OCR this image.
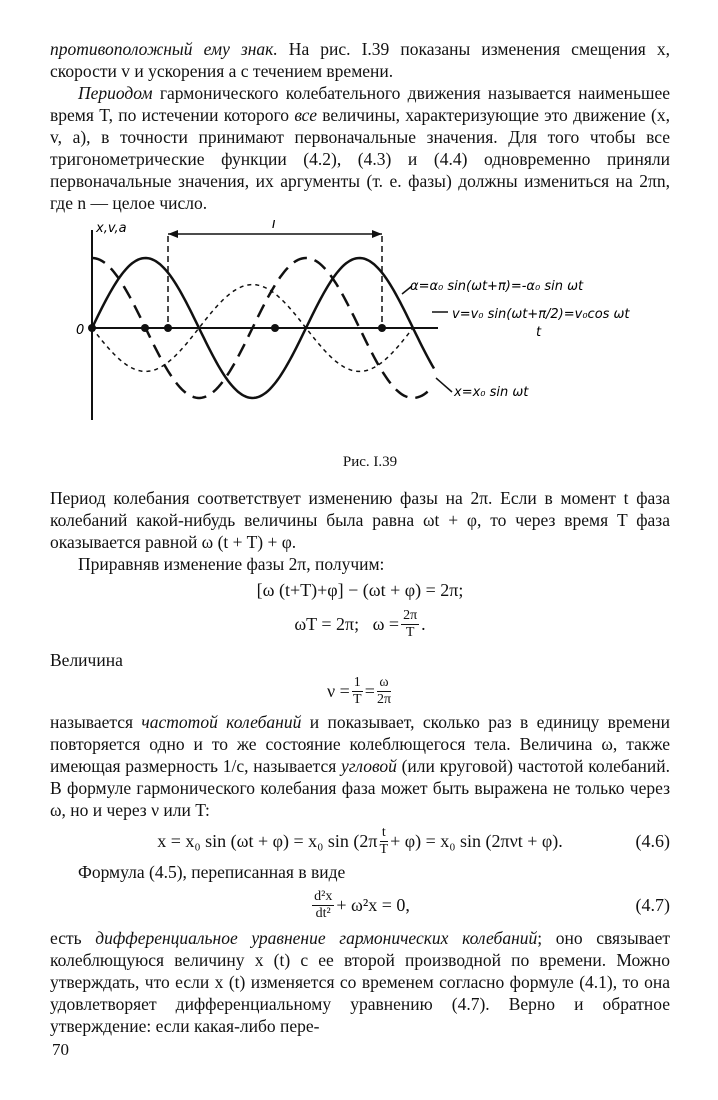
противоположный ему знак. На рис. I.39 показаны изменения смещения x, скорости v и ускорения a с течением времени.

Периодом гармонического колебательного движения называется наименьшее время T, по истечении которого все величины, характеризующие это движение (x, v, a), в точности принимают первоначальные значения. Для того чтобы все тригонометрические функции (4.2), (4.3) и (4.4) одновременно приняли первоначальные значения, их аргументы (т. е. фазы) должны измениться на 2πn, где n — целое число.

x,v,a
0	t
T
α=α₀ sin(ωt+π)=-α₀ sin ωt
v=v₀ sin(ωt+π/2)=v₀cos ωt
x=x₀ sin ωt
Рис. I.39

Период колебания соответствует изменению фазы на 2π. Если в момент t фаза колебаний какой-нибудь величины была равна ωt + φ, то через время T фаза оказывается равной ω (t + T) + φ.

Приравняв изменение фазы 2π, получим:

[ω (t+T)+φ] − (ωt + φ) = 2π;
ωT = 2π;   $\omega = \frac{2\pi}{T}$ .

Величина

$\nu = \frac{1}{T} = \frac{\omega}{2\pi}$

называется частотой колебаний и показывает, сколько раз в единицу времени повторяется одно и то же состояние колеблющегося тела. Величина ω, также имеющая размерность 1/с, называется угловой (или круговой) частотой колебаний. В формуле гармонического колебания фаза может быть выражена не только через ω, но и через ν или T:

x = x₀ sin (ωt + φ) = x₀ $\sin (2\pi \frac{t}{T} + \varphi) = x_0$ sin (2πνt + φ).	(4.6)

Формула (4.5), переписанная в виде

$\frac{\text{d²x}}{\text{dt²}} + \omega^2x = 0$,	(4.7)

есть дифференциальное уравнение гармонических колебаний; оно связывает колеблющуюся величину x (t) с ее второй производной по времени. Можно утверждать, что если x (t) изменяется со временем согласно формуле (4.1), то она удовлетворяет дифференциальному уравнению (4.7). Верно и обратное утверждение: если какая-либо пере-

70
